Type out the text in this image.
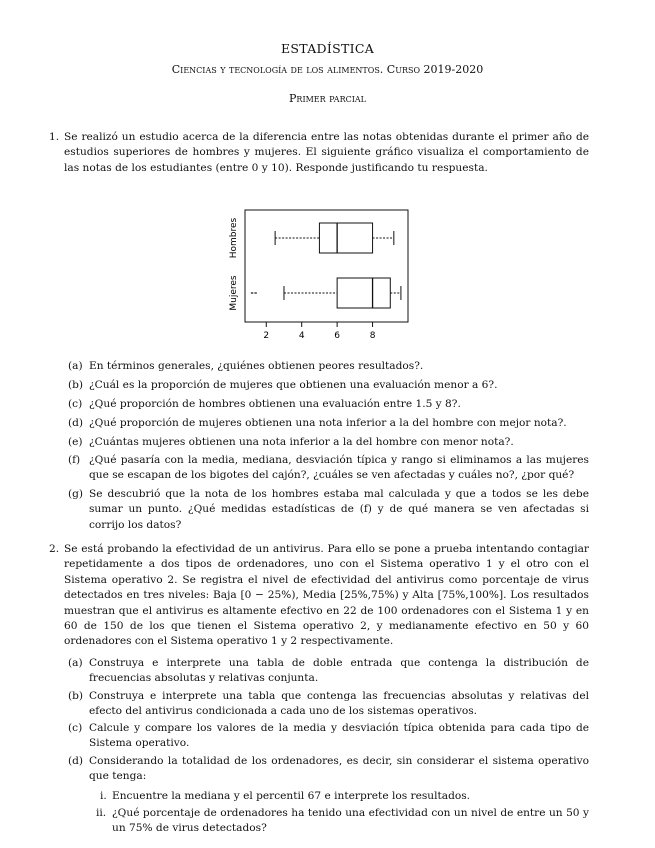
ESTADÍSTICA
Ciencias y tecnología de los alimentos. Curso 2019-2020
Primer parcial
1. Se realizó un estudio acerca de la diferencia entre las notas obtenidas durante el primer año de estudios superiores de hombres y mujeres. El siguiente gráfico visualiza el comportamiento de las notas de los estudiantes (entre 0 y 10). Responde justificando tu respuesta.
Hombres
Mujeres
2	4	6	8
(a) En términos generales, ¿quiénes obtienen peores resultados?.
(b) ¿Cuál es la proporción de mujeres que obtienen una evaluación menor a 6?.
(c) ¿Qué proporción de hombres obtienen una evaluación entre 1.5 y 8?.
(d) ¿Qué proporción de mujeres obtienen una nota inferior a la del hombre con mejor nota?.
(e) ¿Cuántas mujeres obtienen una nota inferior a la del hombre con menor nota?.
(f) ¿Qué pasaría con la media, mediana, desviación típica y rango si eliminamos a las mujeres que se escapan de los bigotes del cajón?, ¿cuáles se ven afectadas y cuáles no?, ¿por qué?
(g) Se descubrió que la nota de los hombres estaba mal calculada y que a todos se les debe sumar un punto. ¿Qué medidas estadísticas de (f) y de qué manera se ven afectadas si corrijo los datos?
2. Se está probando la efectividad de un antivirus. Para ello se pone a prueba intentando contagiar repetidamente a dos tipos de ordenadores, uno con el Sistema operativo 1 y el otro con el Sistema operativo 2. Se registra el nivel de efectividad del antivirus como porcentaje de virus detectados en tres niveles: Baja [0 − 25%), Media [25%,75%) y Alta [75%,100%]. Los resultados muestran que el antivirus es altamente efectivo en 22 de 100 ordenadores con el Sistema 1 y en 60 de 150 de los que tienen el Sistema operativo 2, y medianamente efectivo en 50 y 60 ordenadores con el Sistema operativo 1 y 2 respectivamente.
(a) Construya e interprete una tabla de doble entrada que contenga la distribución de frecuencias absolutas y relativas conjunta.
(b) Construya e interprete una tabla que contenga las frecuencias absolutas y relativas del efecto del antivirus condicionada a cada uno de los sistemas operativos.
(c) Calcule y compare los valores de la media y desviación típica obtenida para cada tipo de Sistema operativo.
(d) Considerando la totalidad de los ordenadores, es decir, sin considerar el sistema operativo que tenga:
i. Encuentre la mediana y el percentil 67 e interprete los resultados.
ii. ¿Qué porcentaje de ordenadores ha tenido una efectividad con un nivel de entre un 50 y un 75% de virus detectados?
